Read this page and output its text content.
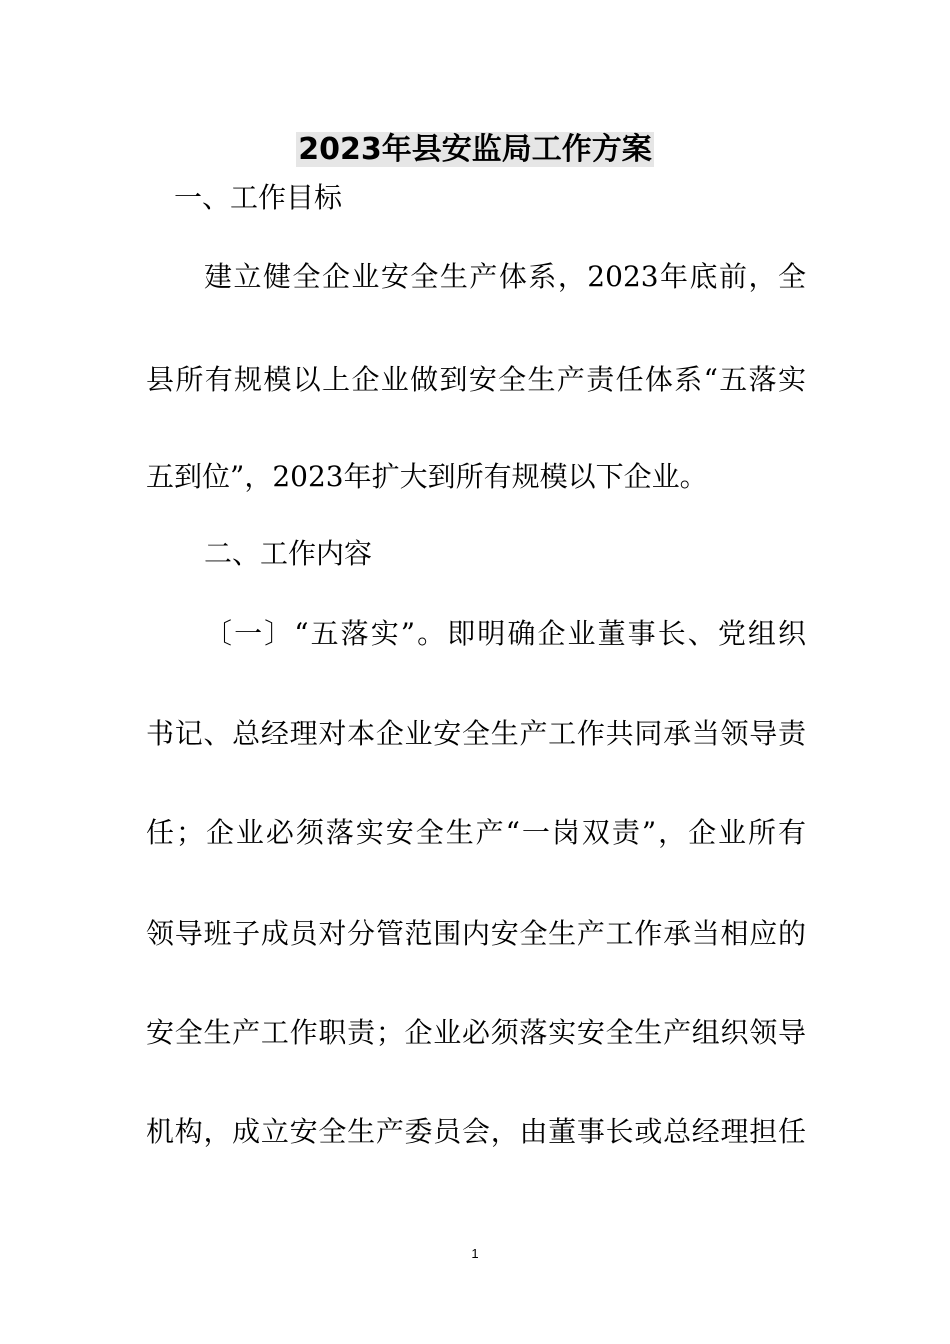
2023年县安监局工作方案
一、工作目标
建立健全企业安全生产体系，2023年底前，全
县所有规模以上企业做到安全生产责任体系“五落实
五到位”，2023年扩大到所有规模以下企业。
二、工作内容
〔一〕“五落实”。即明确企业董事长、党组织
书记、总经理对本企业安全生产工作共同承当领导责
任；企业必须落实安全生产“一岗双责”，企业所有
领导班子成员对分管范围内安全生产工作承当相应的
安全生产工作职责；企业必须落实安全生产组织领导
机构，成立安全生产委员会，由董事长或总经理担任
1
